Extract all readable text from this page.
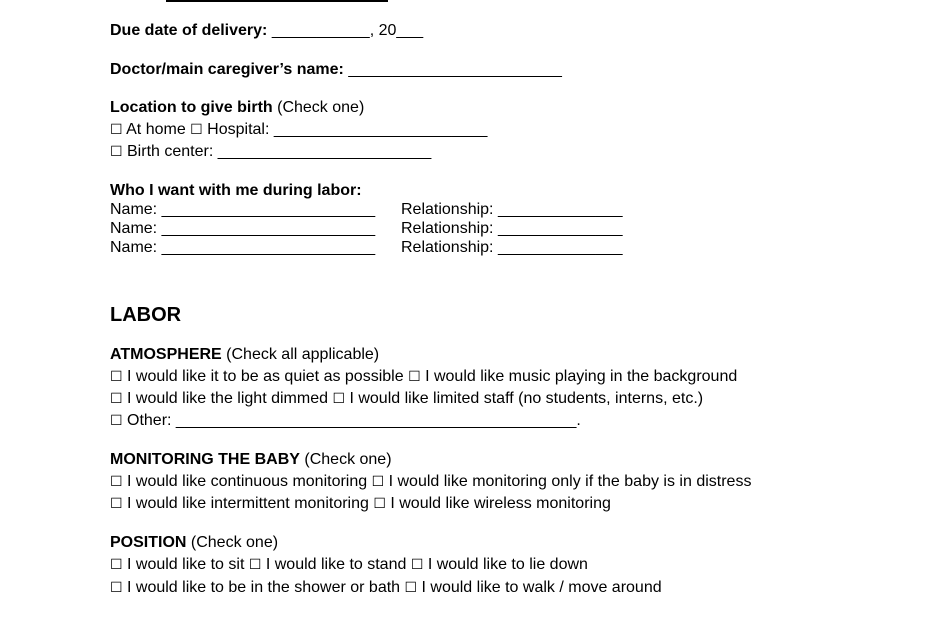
Due date of delivery: ___________, 20___
Doctor/main caregiver’s name: ________________________
Location to give birth (Check one)
☐ At home ☐ Hospital: ________________________
☐ Birth center: ________________________
Who I want with me during labor:
Name: ________________________ Relationship: ______________
Name: ________________________ Relationship: ______________
Name: ________________________ Relationship: ______________
LABOR
ATMOSPHERE (Check all applicable)
☐ I would like it to be as quiet as possible ☐ I would like music playing in the background
☐ I would like the light dimmed ☐ I would like limited staff (no students, interns, etc.)
☐ Other: _____________________________________________.
MONITORING THE BABY (Check one)
☐ I would like continuous monitoring ☐ I would like monitoring only if the baby is in distress
☐ I would like intermittent monitoring ☐ I would like wireless monitoring
POSITION (Check one)
☐ I would like to sit ☐ I would like to stand ☐ I would like to lie down
☐ I would like to be in the shower or bath ☐ I would like to walk / move around
